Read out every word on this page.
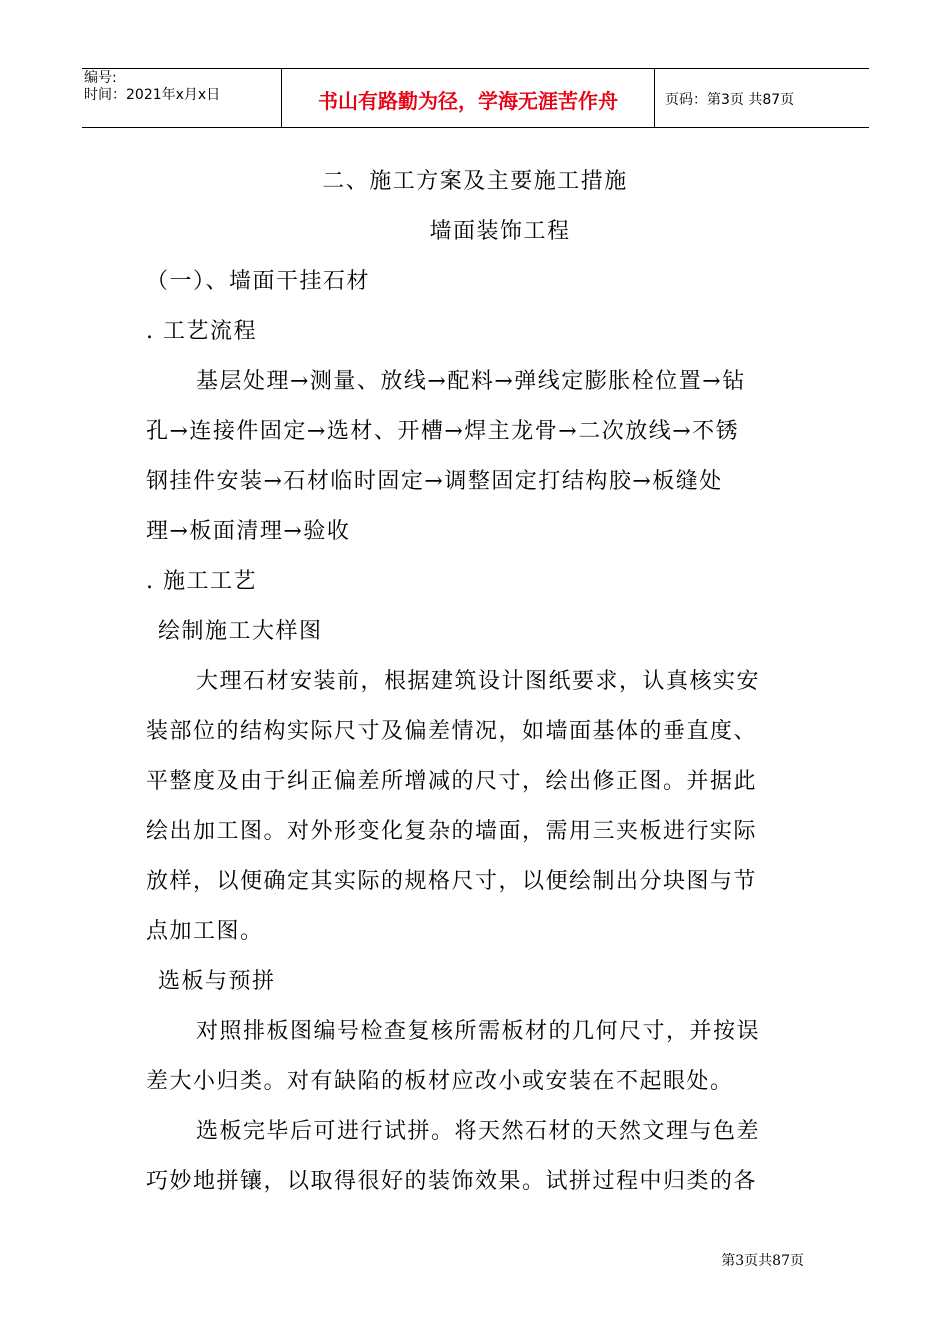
编号:
时间：2021年x月x日	书山有路勤为径，学海无涯苦作舟	页码：第3页 共87页
二、施工方案及主要施工措施
墙面装饰工程
（一）、墙面干挂石材
. 工艺流程
基层处理→测量、放线→配料→弹线定膨胀栓位置→钻
孔→连接件固定→选材、开槽→焊主龙骨→二次放线→不锈
钢挂件安装→石材临时固定→调整固定打结构胶→板缝处
理→板面清理→验收
. 施工工艺
绘制施工大样图
大理石材安装前，根据建筑设计图纸要求，认真核实安
装部位的结构实际尺寸及偏差情况，如墙面基体的垂直度、
平整度及由于纠正偏差所增减的尺寸，绘出修正图。并据此
绘出加工图。对外形变化复杂的墙面，需用三夹板进行实际
放样，以便确定其实际的规格尺寸，以便绘制出分块图与节
点加工图。
选板与预拼
对照排板图编号检查复核所需板材的几何尺寸，并按误
差大小归类。对有缺陷的板材应改小或安装在不起眼处。
选板完毕后可进行试拼。将天然石材的天然文理与色差
巧妙地拼镶，以取得很好的装饰效果。试拼过程中归类的各
第3页共87页
